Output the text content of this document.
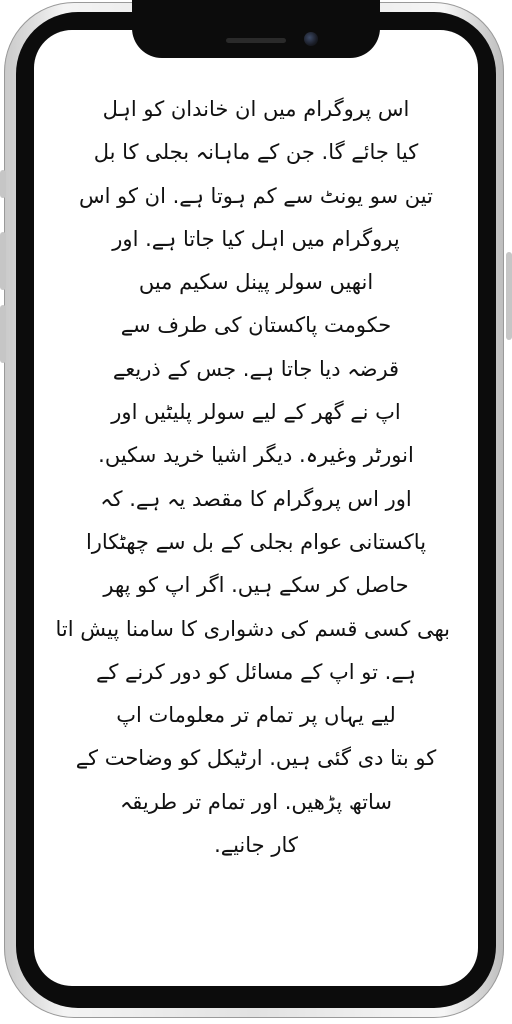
اس پروگرام میں ان خاندان کو اہل
کیا جائے گا. جن کے ماہانہ بجلی کا بل
تین سو یونٹ سے کم ہوتا ہے. ان کو اس
پروگرام میں اہل کیا جاتا ہے. اور
انھیں سولر پینل سکیم میں
حکومت پاکستان کی طرف سے
قرضہ دیا جاتا ہے. جس کے ذریعے
اپ نے گھر کے لیے سولر پلیٹیں اور
انورٹر وغیرہ. دیگر اشیا خرید سکیں.
اور اس پروگرام کا مقصد یہ ہے. کہ
پاکستانی عوام بجلی کے بل سے چھٹکارا
حاصل کر سکے ہیں. اگر اپ کو پھر
بھی کسی قسم کی دشواری کا سامنا پیش اتا
ہے. تو اپ کے مسائل کو دور کرنے کے
لیے یہاں پر تمام تر معلومات اپ
کو بتا دی گئی ہیں. ارٹیکل کو وضاحت کے
ساتھ پڑھیں. اور تمام تر طریقہ
کار جانیے.
